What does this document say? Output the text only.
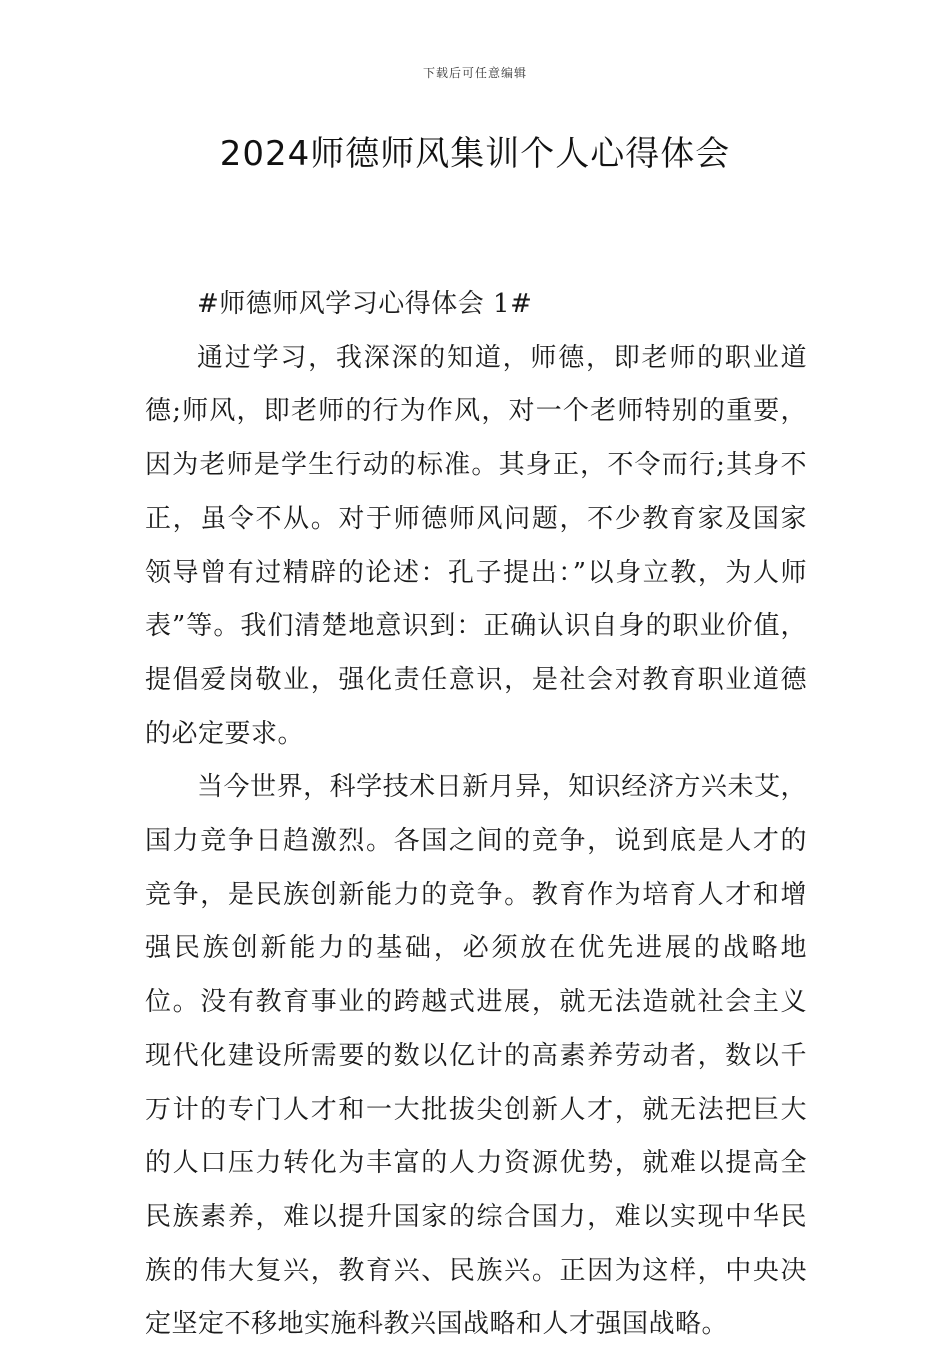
下载后可任意编辑
2024师德师风集训个人心得体会

#师德师风学习心得体会 1#

通过学习，我深深的知道，师德，即老师的职业道德;师风，即老师的行为作风，对一个老师特别的重要，因为老师是学生行动的标准。其身正，不令而行;其身不正，虽令不从。对于师德师风问题，不少教育家及国家领导曾有过精辟的论述：孔子提出：”以身立教，为人师表”等。我们清楚地意识到：正确认识自身的职业价值，提倡爱岗敬业，强化责任意识，是社会对教育职业道德的必定要求。

当今世界，科学技术日新月异，知识经济方兴未艾，国力竞争日趋激烈。各国之间的竞争，说到底是人才的竞争，是民族创新能力的竞争。教育作为培育人才和增强民族创新能力的基础，必须放在优先进展的战略地位。没有教育事业的跨越式进展，就无法造就社会主义现代化建设所需要的数以亿计的高素养劳动者，数以千万计的专门人才和一大批拔尖创新人才，就无法把巨大的人口压力转化为丰富的人力资源优势，就难以提高全民族素养，难以提升国家的综合国力，难以实现中华民族的伟大复兴，教育兴、民族兴。正因为这样，中央决定坚定不移地实施科教兴国战略和人才强国战略。
